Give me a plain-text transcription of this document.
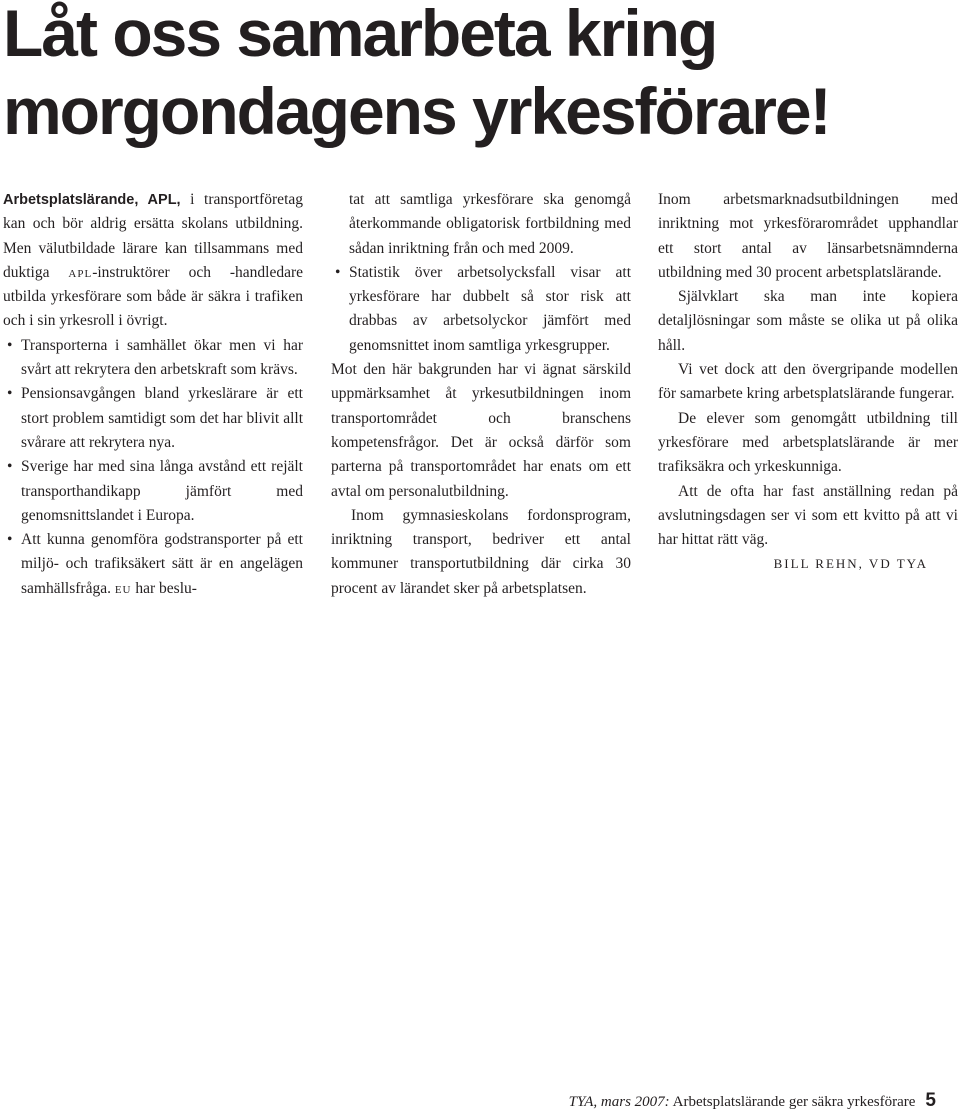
Låt oss samarbeta kring morgondagens yrkesförare!

Arbetsplatslärande, APL, i transportföretag kan och bör aldrig ersätta skolans utbildning. Men välutbildade lärare kan tillsammans med duktiga apl-instruktörer och -handledare utbilda yrkesförare som både är säkra i trafiken och i sin yrkesroll i övrigt.

• Transporterna i samhället ökar men vi har svårt att rekrytera den arbetskraft som krävs.

• Pensionsavgången bland yrkeslärare är ett stort problem samtidigt som det har blivit allt svårare att rekrytera nya.

• Sverige har med sina långa avstånd ett rejält transporthandikapp jämfört med genomsnittslandet i Europa.

• Att kunna genomföra godstransporter på ett miljö- och trafiksäkert sätt är en angelägen samhällsfråga. eu har beslu-

tat att samtliga yrkesförare ska genomgå återkommande obligatorisk fortbildning med sådan inriktning från och med 2009.

• Statistik över arbetsolycksfall visar att yrkesförare har dubbelt så stor risk att drabbas av arbetsolyckor jämfört med genomsnittet inom samtliga yrkesgrupper.

Mot den här bakgrunden har vi ägnat särskild uppmärksamhet åt yrkesutbildningen inom transportområdet och branschens kompetensfrågor. Det är också därför som parterna på transportområdet har enats om ett avtal om personalutbildning.

Inom gymnasieskolans fordonsprogram, inriktning transport, bedriver ett antal kommuner transportutbildning där cirka 30 procent av lärandet sker på arbetsplatsen.

Inom arbetsmarknadsutbildningen med inriktning mot yrkesförarområdet upphandlar ett stort antal av länsarbetsnämnderna utbildning med 30 procent arbetsplatslärande.

Självklart ska man inte kopiera detaljlösningar som måste se olika ut på olika håll.

Vi vet dock att den övergripande modellen för samarbete kring arbetsplatslärande fungerar.

De elever som genomgått utbildning till yrkesförare med arbetsplatslärande är mer trafiksäkra och yrkeskunniga.

Att de ofta har fast anställning redan på avslutningsdagen ser vi som ett kvitto på att vi har hittat rätt väg.

BILL REHN, VD TYA

TYA, mars 2007: Arbetsplatslärande ger säkra yrkesförare 5
